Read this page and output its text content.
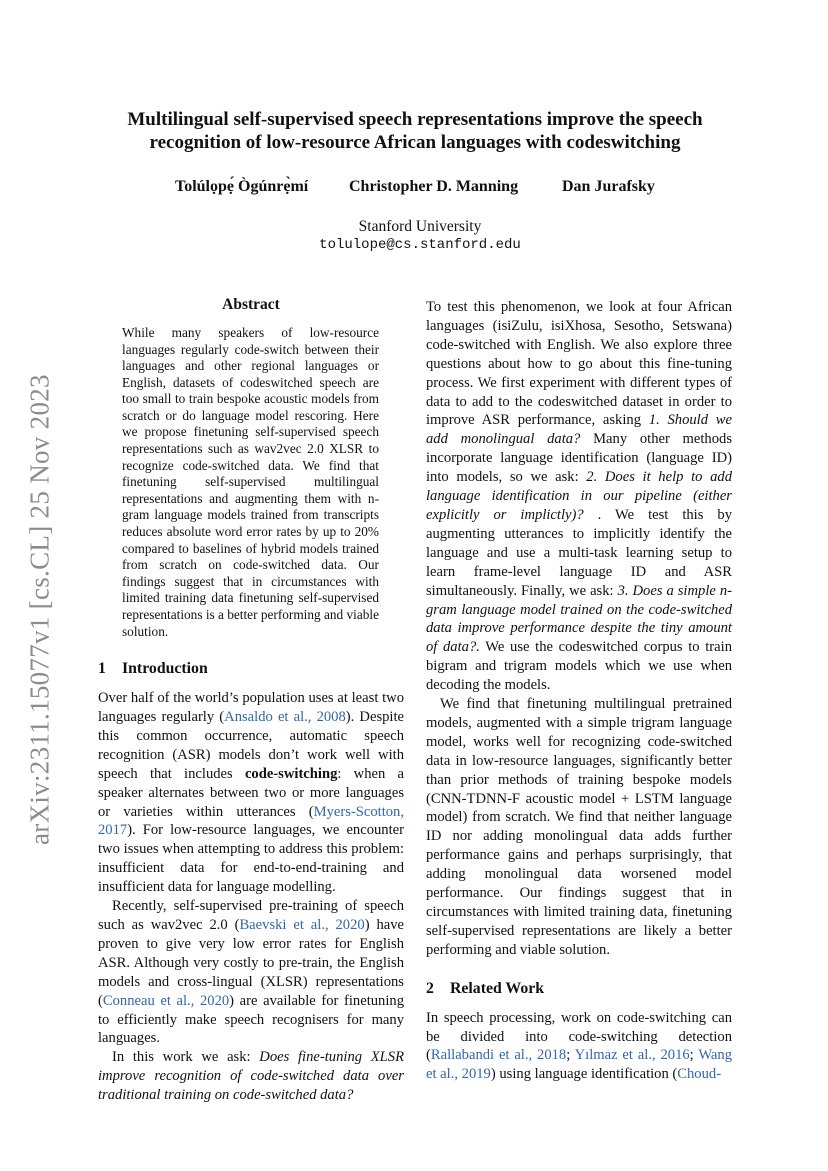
arXiv:2311.15077v1 [cs.CL] 25 Nov 2023
Multilingual self-supervised speech representations improve the speech recognition of low-resource African languages with codeswitching
Tolúlọpẹ́ Ògúnrẹ̀mí	Christopher D. Manning	Dan Jurafsky
Stanford University
tolulope@cs.stanford.edu
Abstract

While many speakers of low-resource languages regularly code-switch between their languages and other regional languages or English, datasets of codeswitched speech are too small to train bespoke acoustic models from scratch or do language model rescoring. Here we propose finetuning self-supervised speech representations such as wav2vec 2.0 XLSR to recognize code-switched data. We find that finetuning self-supervised multilingual representations and augmenting them with n-gram language models trained from transcripts reduces absolute word error rates by up to 20% compared to baselines of hybrid models trained from scratch on code-switched data. Our findings suggest that in circumstances with limited training data finetuning self-supervised representations is a better performing and viable solution.

1 Introduction

Over half of the world’s population uses at least two languages regularly (Ansaldo et al., 2008). Despite this common occurrence, automatic speech recognition (ASR) models don’t work well with speech that includes code-switching: when a speaker alternates between two or more languages or varieties within utterances (Myers-Scotton, 2017). For low-resource languages, we encounter two issues when attempting to address this problem: insufficient data for end-to-end-training and insufficient data for language modelling.

Recently, self-supervised pre-training of speech such as wav2vec 2.0 (Baevski et al., 2020) have proven to give very low error rates for English ASR. Although very costly to pre-train, the English models and cross-lingual (XLSR) representations (Conneau et al., 2020) are available for finetuning to efficiently make speech recognisers for many languages.

In this work we ask: Does fine-tuning XLSR improve recognition of code-switched data over traditional training on code-switched data?

To test this phenomenon, we look at four African languages (isiZulu, isiXhosa, Sesotho, Setswana) code-switched with English. We also explore three questions about how to go about this fine-tuning process. We first experiment with different types of data to add to the codeswitched dataset in order to improve ASR performance, asking 1. Should we add monolingual data? Many other methods incorporate language identification (language ID) into models, so we ask: 2. Does it help to add language identification in our pipeline (either explicitly or implictly)? . We test this by augmenting utterances to implicitly identify the language and use a multi-task learning setup to learn frame-level language ID and ASR simultaneously. Finally, we ask: 3. Does a simple n-gram language model trained on the code-switched data improve performance despite the tiny amount of data?. We use the codeswitched corpus to train bigram and trigram models which we use when decoding the models.

We find that finetuning multilingual pretrained models, augmented with a simple trigram language model, works well for recognizing code-switched data in low-resource languages, significantly better than prior methods of training bespoke models (CNN-TDNN-F acoustic model + LSTM language model) from scratch. We find that neither language ID nor adding monolingual data adds further performance gains and perhaps surprisingly, that adding monolingual data worsened model performance. Our findings suggest that in circumstances with limited training data, finetuning self-supervised representations are likely a better performing and viable solution.

2 Related Work

In speech processing, work on code-switching can be divided into code-switching detection (Rallabandi et al., 2018; Yılmaz et al., 2016; Wang et al., 2019) using language identification (Choud-
